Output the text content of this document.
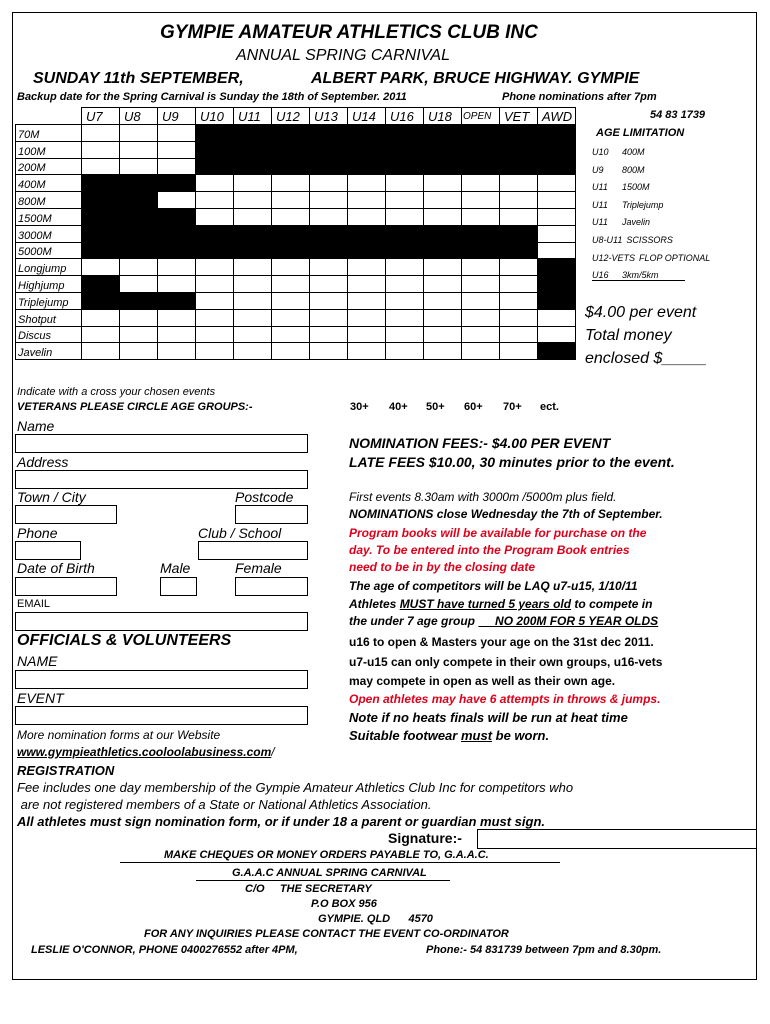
GYMPIE AMATEUR ATHLETICS CLUB INC
ANNUAL SPRING CARNIVAL
SUNDAY 11th SEPTEMBER,	ALBERT PARK, BRUCE HIGHWAY. GYMPIE
Backup date for the Spring Carnival is Sunday the 18th of September. 2011	Phone nominations after 7pm
54 83 1739
	U7	U8	U9	U10	U11	U12	U13	U14	U16	U18	OPEN	VET	AWD
70M													
100M													
200M													
400M													
800M													
1500M													
3000M													
5000M													
Longjump													
Highjump													
Triplejump													
Shotput													
Discus													
Javelin													
Indicate with a cross your chosen events
VETERANS PLEASE CIRCLE AGE GROUPS:-	30+ 40+ 50+ 60+ 70+ ect.
AGE LIMITATION
U10 400M
U9 800M
U11 1500M
U11 Triplejump
U11 Javelin
U8-U11 SCISSORS
U12-VETS FLOP OPTIONAL
U16 3km/5km
$4.00 per event
Total money
enclosed $_____
Name
Address
Town / City	Postcode
Phone	Club / School
Date of Birth	Male	Female
EMAIL
OFFICIALS & VOLUNTEERS
NAME
EVENT
More nomination forms at our Website
www.gympieathletics.cooloolabusiness.com/
NOMINATION FEES:- $4.00 PER EVENT
LATE FEES $10.00, 30 minutes prior to the event.
First events 8.30am with 3000m /5000m plus field.
NOMINATIONS close Wednesday the 7th of September.
Program books will be available for purchase on the
day. To be entered into the Program Book entries
need to be in by the closing date
The age of competitors will be LAQ u7-u15, 1/10/11
Athletes MUST have turned 5 years old to compete in
the under 7 age group      NO 200M FOR 5 YEAR OLDS
u16 to open & Masters your age on the 31st dec 2011.
u7-u15 can only compete in their own groups, u16-vets
may compete in open as well as their own age.
Open athletes may have 6 attempts in throws & jumps.
Note if no heats finals will be run at heat time
Suitable footwear must be worn.
REGISTRATION
Fee includes one day membership of the Gympie Amateur Athletics Club Inc for competitors who
are not registered members of a State or National Athletics Association.
All athletes must sign nomination form, or if under 18 a parent or guardian must sign.
Signature:-
MAKE CHEQUES OR MONEY ORDERS PAYABLE TO, G.A.A.C.
G.A.A.C ANNUAL SPRING CARNIVAL
C/O     THE SECRETARY
P.O BOX 956
GYMPIE. QLD      4570
FOR ANY INQUIRIES PLEASE CONTACT THE EVENT CO-ORDINATOR
LESLIE O'CONNOR, PHONE 0400276552 after 4PM,	Phone:- 54 831739 between 7pm and 8.30pm.
